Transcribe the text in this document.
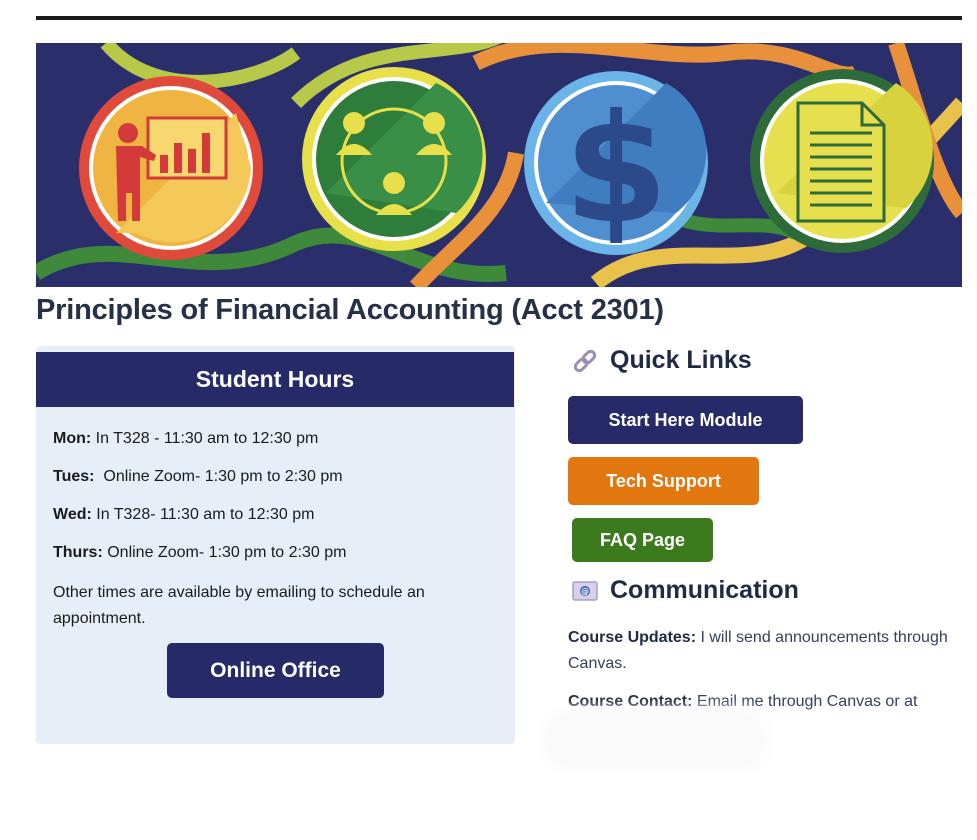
$
Principles of Financial Accounting (Acct 2301)
Student Hours
Mon: In T328 - 11:30 am to 12:30 pm
Tues:  Online Zoom- 1:30 pm to 2:30 pm
Wed: In T328- 11:30 am to 12:30 pm
Thurs: Online Zoom- 1:30 pm to 2:30 pm
Other times are available by emailing to schedule an appointment.
Online Office
Quick Links
Start Here Module
Tech Support
FAQ Page
@ Communication
Course Updates: I will send announcements through Canvas.
Course Contact: Email me through Canvas or at
